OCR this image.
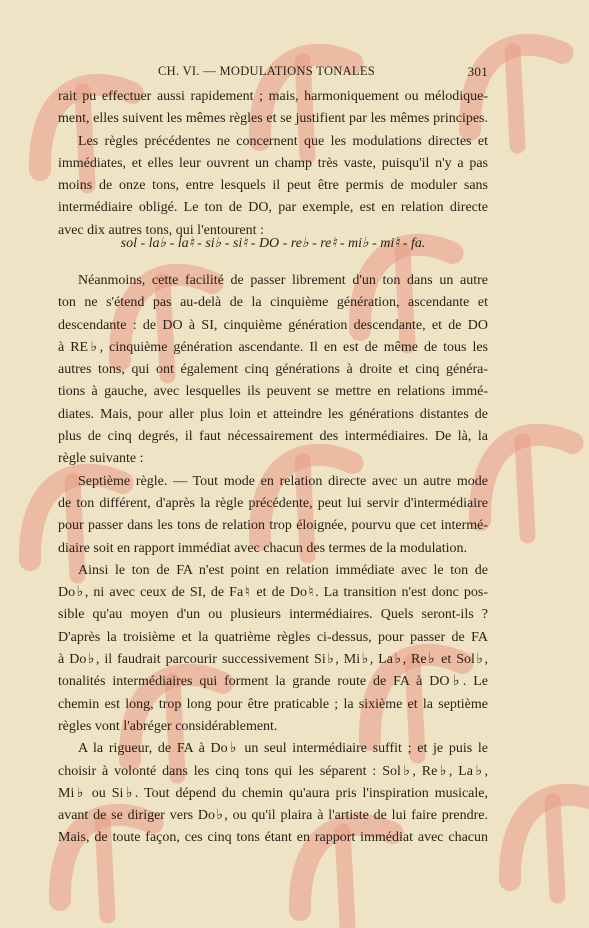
CH. VI. — MODULATIONS TONALES	301
rait pu effectuer aussi rapidement ; mais, harmoniquement ou mélodique-
ment, elles suivent les mêmes règles et se justifient par les mêmes principes.
Les règles précédentes ne concernent que les modulations directes et
immédiates, et elles leur ouvrent un champ très vaste, puisqu'il n'y a pas
moins de onze tons, entre lesquels il peut être permis de moduler sans
intermédiaire obligé. Le ton de DO, par exemple, est en relation directe
avec dix autres tons, qui l'entourent :
sol - la♭ - la♮ - si♭ - si♮ - DO - re♭ - re♮ - mi♭ - mi♮ - fa.
Néanmoins, cette facilité de passer librement d'un ton dans un autre
ton ne s'étend pas au-delà de la cinquième génération, ascendante et
descendante : de DO à SI, cinquième génération descendante, et de DO
à RE♭, cinquième génération ascendante. Il en est de même de tous les
autres tons, qui ont également cinq générations à droite et cinq généra-
tions à gauche, avec lesquelles ils peuvent se mettre en relations immé-
diates. Mais, pour aller plus loin et atteindre les générations distantes de
plus de cinq degrés, il faut nécessairement des intermédiaires. De là, la
règle suivante :
Septième règle. — Tout mode en relation directe avec un autre mode
de ton différent, d'après la règle précédente, peut lui servir d'intermédiaire
pour passer dans les tons de relation trop éloignée, pourvu que cet intermé-
diaire soit en rapport immédiat avec chacun des termes de la modulation.
Ainsi le ton de FA n'est point en relation immédiate avec le ton de
Do♭, ni avec ceux de SI, de Fa♮ et de Do♮. La transition n'est donc pos-
sible qu'au moyen d'un ou plusieurs intermédiaires. Quels seront-ils ?
D'après la troisième et la quatrième règles ci-dessus, pour passer de FA
à Do♭, il faudrait parcourir successivement Si♭, Mi♭, La♭, Re♭ et Sol♭,
tonalités intermédiaires qui forment la grande route de FA à DO♭. Le
chemin est long, trop long pour être praticable ; la sixième et la septième
règles vont l'abréger considérablement.
A la rigueur, de FA à Do♭ un seul intermédiaire suffit ; et je puis le
choisir à volonté dans les cinq tons qui les séparent : Sol♭, Re♭, La♭,
Mi♭ ou Si♭. Tout dépend du chemin qu'aura pris l'inspiration musicale,
avant de se diriger vers Do♭, ou qu'il plaira à l'artiste de lui faire prendre.
Mais, de toute façon, ces cinq tons étant en rapport immédiat avec chacun
